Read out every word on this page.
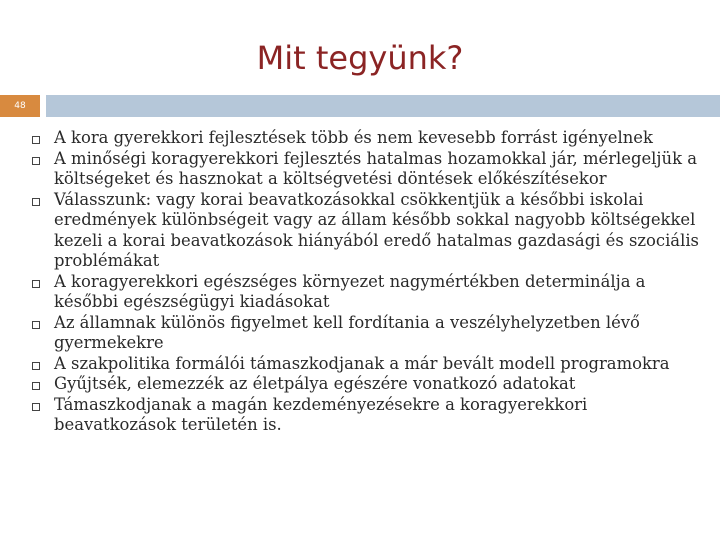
Mit tegyünk?
48
A kora gyerekkori fejlesztések több és nem kevesebb forrást igényelnek
A minőségi koragyerekkori fejlesztés hatalmas hozamokkal jár, mérlegeljük a költségeket és hasznokat a költségvetési döntések előkészítésekor
Válasszunk: vagy korai beavatkozásokkal csökkentjük a későbbi iskolai eredmények különbségeit vagy az állam később sokkal nagyobb költségekkel kezeli a korai beavatkozások hiányából eredő hatalmas gazdasági és szociális problémákat
A koragyerekkori egészséges környezet nagymértékben determinálja a későbbi egészségügyi kiadásokat
Az államnak különös figyelmet kell fordítania a veszélyhelyzetben lévő gyermekekre
A szakpolitika formálói támaszkodjanak a már bevált modell programokra
Gyűjtsék, elemezzék az életpálya egészére vonatkozó adatokat
Támaszkodjanak a magán kezdeményezésekre a koragyerekkori beavatkozások területén is.
